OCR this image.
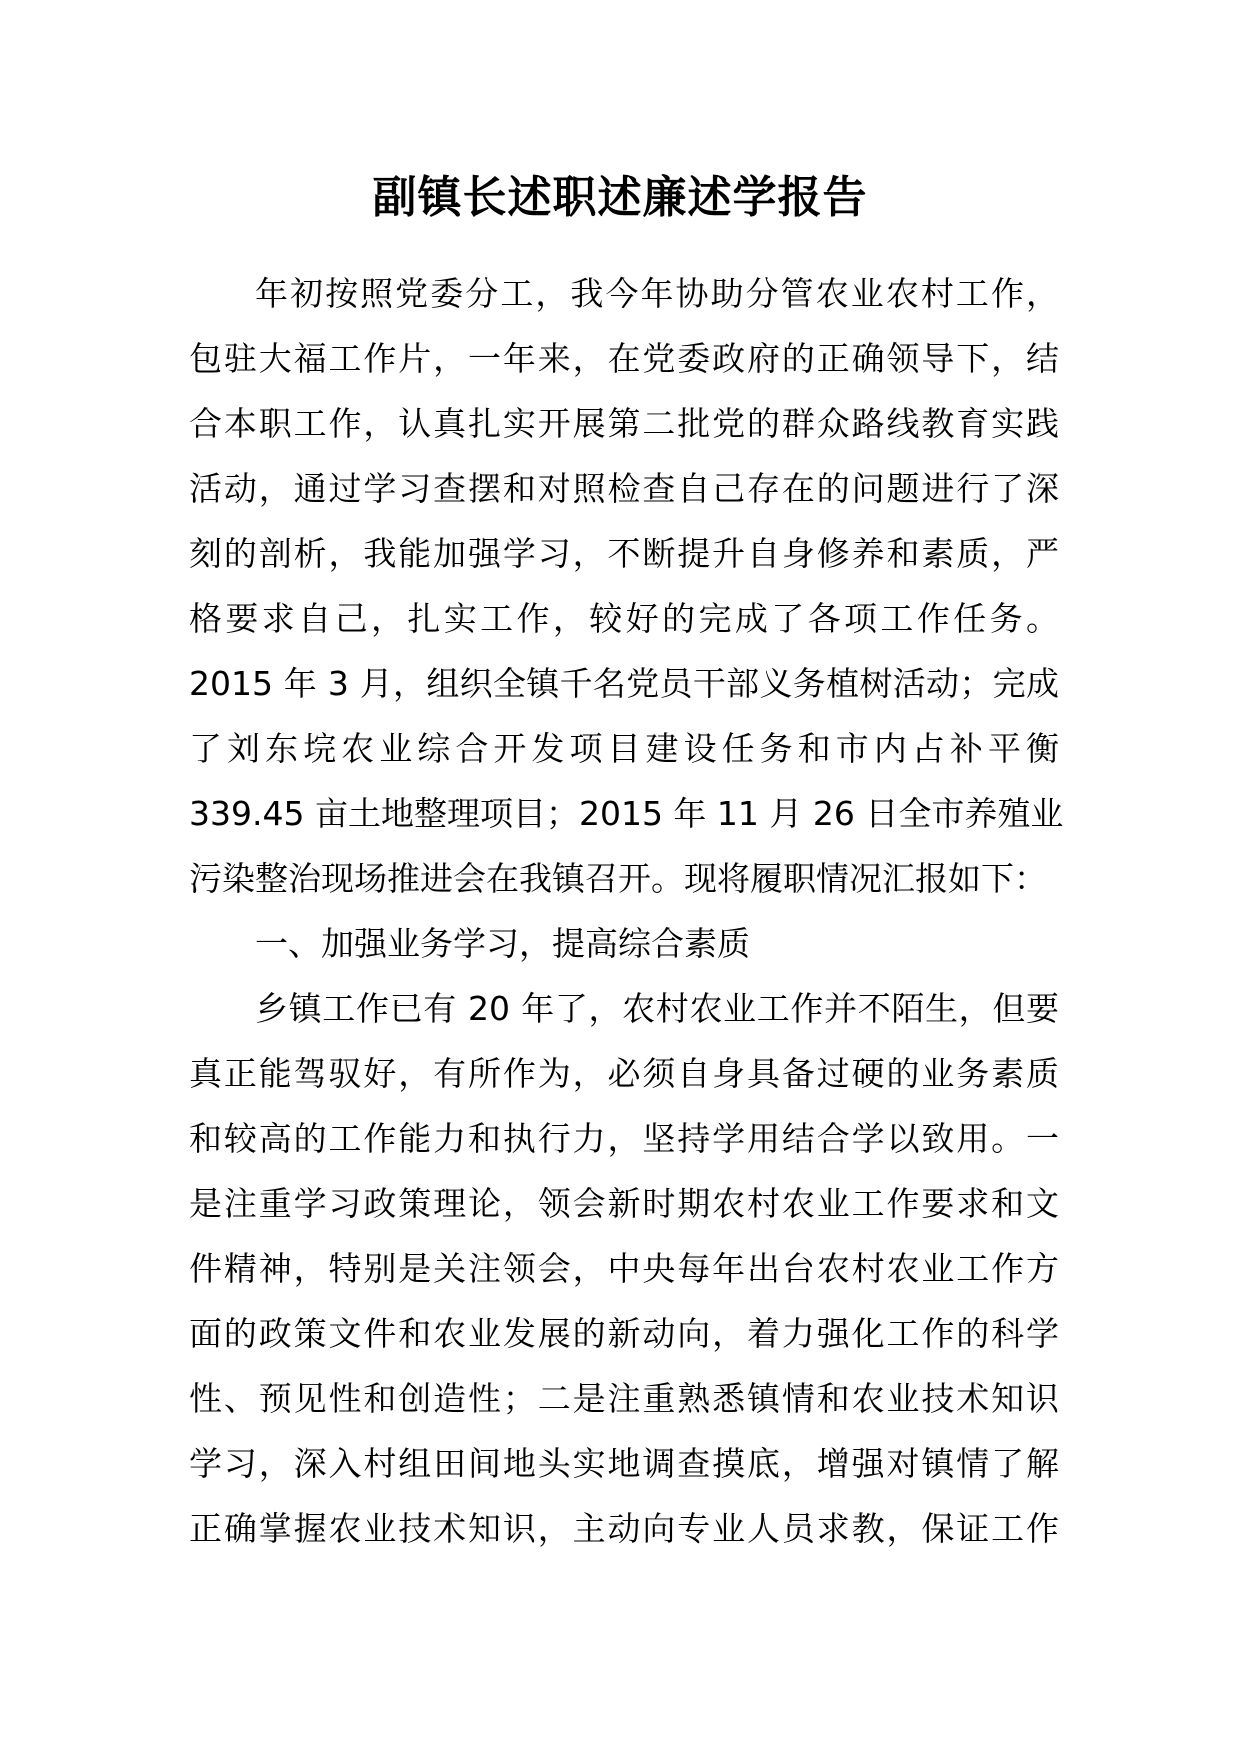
副镇长述职述廉述学报告
年初按照党委分工，我今年协助分管农业农村工作，
包驻大福工作片，一年来，在党委政府的正确领导下，结
合本职工作，认真扎实开展第二批党的群众路线教育实践
活动，通过学习查摆和对照检查自己存在的问题进行了深
刻的剖析，我能加强学习，不断提升自身修养和素质，严
格要求自己，扎实工作，较好的完成了各项工作任务。
2015 年 3 月，组织全镇千名党员干部义务植树活动；完成
了刘东垸农业综合开发项目建设任务和市内占补平衡
339.45 亩土地整理项目；2015 年 11 月 26 日全市养殖业
污染整治现场推进会在我镇召开。现将履职情况汇报如下：
一、加强业务学习，提高综合素质
乡镇工作已有 20 年了，农村农业工作并不陌生，但要
真正能驾驭好，有所作为，必须自身具备过硬的业务素质
和较高的工作能力和执行力，坚持学用结合学以致用。一
是注重学习政策理论，领会新时期农村农业工作要求和文
件精神，特别是关注领会，中央每年出台农村农业工作方
面的政策文件和农业发展的新动向，着力强化工作的科学
性、预见性和创造性；二是注重熟悉镇情和农业技术知识
学习，深入村组田间地头实地调查摸底，增强对镇情了解
正确掌握农业技术知识，主动向专业人员求教，保证工作
